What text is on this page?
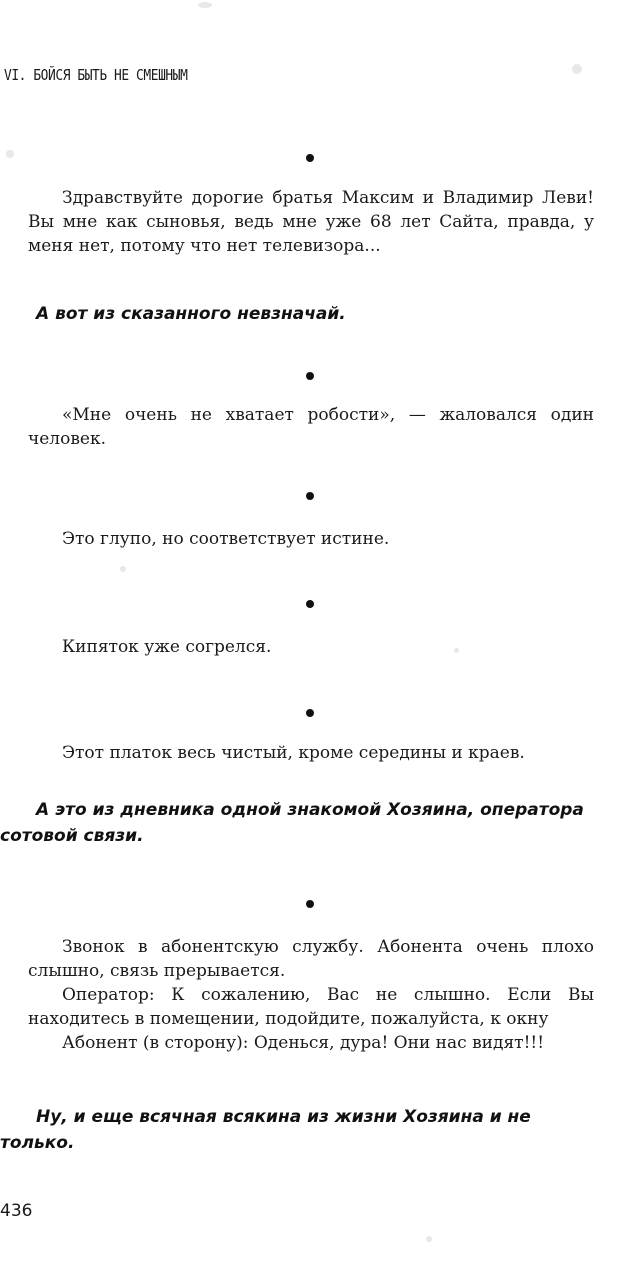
VI. БОЙСЯ БЫТЬ НЕ СМЕШНЫМ

Здравствуйте дорогие братья Максим и Владимир Леви! Вы мне как сыновья, ведь мне уже 68 лет Сайта, правда, у меня нет, потому что нет телевизора...

А вот из сказанного невзначай.

«Мне очень не хватает робости», — жаловался один человек.

Это глупо, но соответствует истине.

Кипяток уже согрелся.

Этот платок весь чистый, кроме середины и краев.

А это из дневника одной знакомой Хозяина, оператора сотовой связи.

Звонок в абонентскую службу. Абонента очень плохо слышно, связь прерывается.

Оператор: К сожалению, Вас не слышно. Если Вы находитесь в помещении, подойдите, пожалуйста, к окну

Абонент (в сторону): Оденься, дура! Они нас видят!!!

Ну, и еще всячная всякина из жизни Хозяина и не только.
436
